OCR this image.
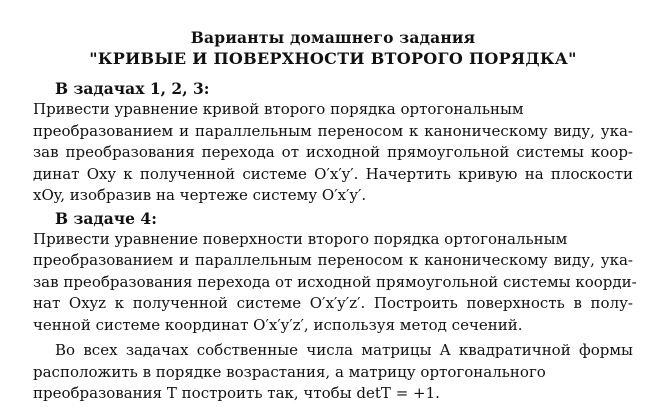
Варианты домашнего задания
"КРИВЫЕ И ПОВЕРХНОСТИ ВТОРОГО ПОРЯДКА"
В задачах 1, 2, 3:
Привести уравнение кривой второго порядка ортогональным
преобразованием и параллельным переносом к каноническому виду, ука-
зав преобразования перехода от исходной прямоугольной системы коор-
динат Oxy к полученной системе O′x′y′. Начертить кривую на плоскости
xOy, изобразив на чертеже систему O′x′y′.
В задаче 4:
Привести уравнение поверхности второго порядка ортогональным
преобразованием и параллельным переносом к каноническому виду, ука-
зав преобразования перехода от исходной прямоугольной системы коорди-
нат Oxyz к полученной системе O′x′y′z′. Построить поверхность в полу-
ченной системе координат O′x′y′z′, используя метод сечений.
Во всех задачах собственные числа матрицы A квадратичной формы
расположить в порядке возрастания, а матрицу ортогонального
преобразования T построить так, чтобы detT = +1.
